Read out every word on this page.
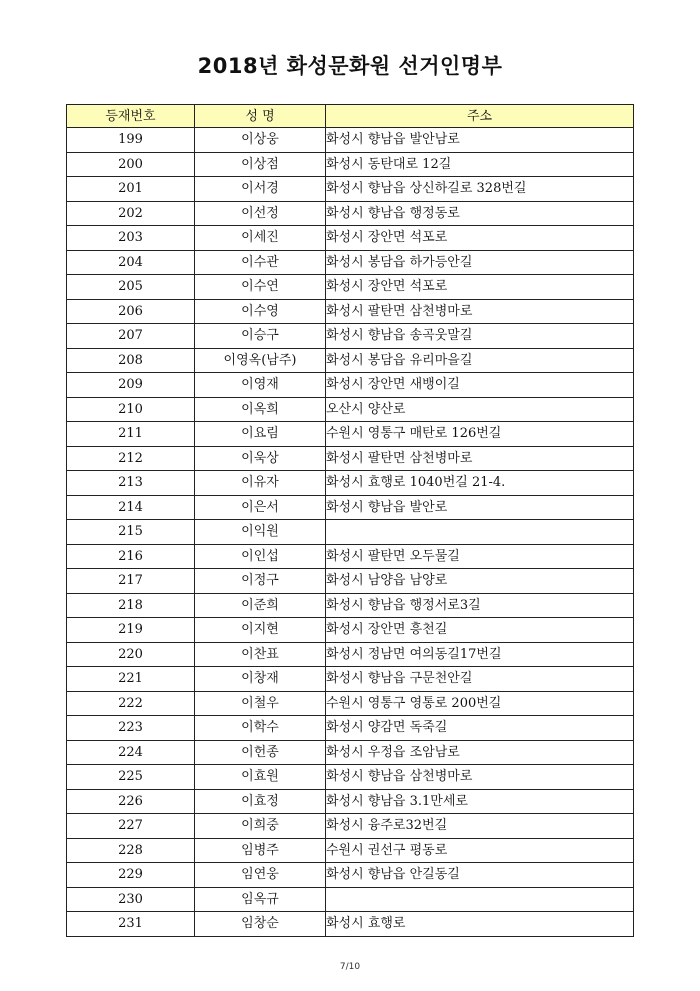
2018년 화성문화원 선거인명부
등재번호	성 명	주소
199	이상웅	화성시 향남읍 발안남로
200	이상점	화성시 동탄대로 12길
201	이서경	화성시 향남읍 상신하길로 328번길
202	이선정	화성시 향남읍 행정동로
203	이세진	화성시 장안면 석포로
204	이수관	화성시 봉담읍 하가등안길
205	이수연	화성시 장안면 석포로
206	이수영	화성시 팔탄면 삼천병마로
207	이승구	화성시 향남읍 송곡웃말길
208	이영옥(남주)	화성시 봉담읍 유리마을길
209	이영재	화성시 장안면 새뱅이길
210	이옥희	오산시 양산로
211	이요림	수원시 영통구 매탄로 126번길
212	이욱상	화성시 팔탄면 삼천병마로
213	이유자	화성시 효행로 1040번길 21-4.
214	이은서	화성시 향남읍 발안로
215	이익원	
216	이인섭	화성시 팔탄면 오두물길
217	이정구	화성시 남양읍 남양로
218	이준희	화성시 향남읍 행정서로3길
219	이지현	화성시 장안면 흥천길
220	이찬표	화성시 정남면 여의동길17번길
221	이창재	화성시 향남읍 구문천안길
222	이철우	수원시 영통구 영통로 200번길
223	이학수	화성시 양감면 독죽길
224	이헌종	화성시 우정읍 조암남로
225	이효원	화성시 향남읍 삼천병마로
226	이효정	화성시 향남읍 3.1만세로
227	이희중	화성시 융주로32번길
228	임병주	수원시 권선구 평동로
229	임연웅	화성시 향남읍 안길동길
230	임옥규	
231	임창순	화성시 효행로
7/10
